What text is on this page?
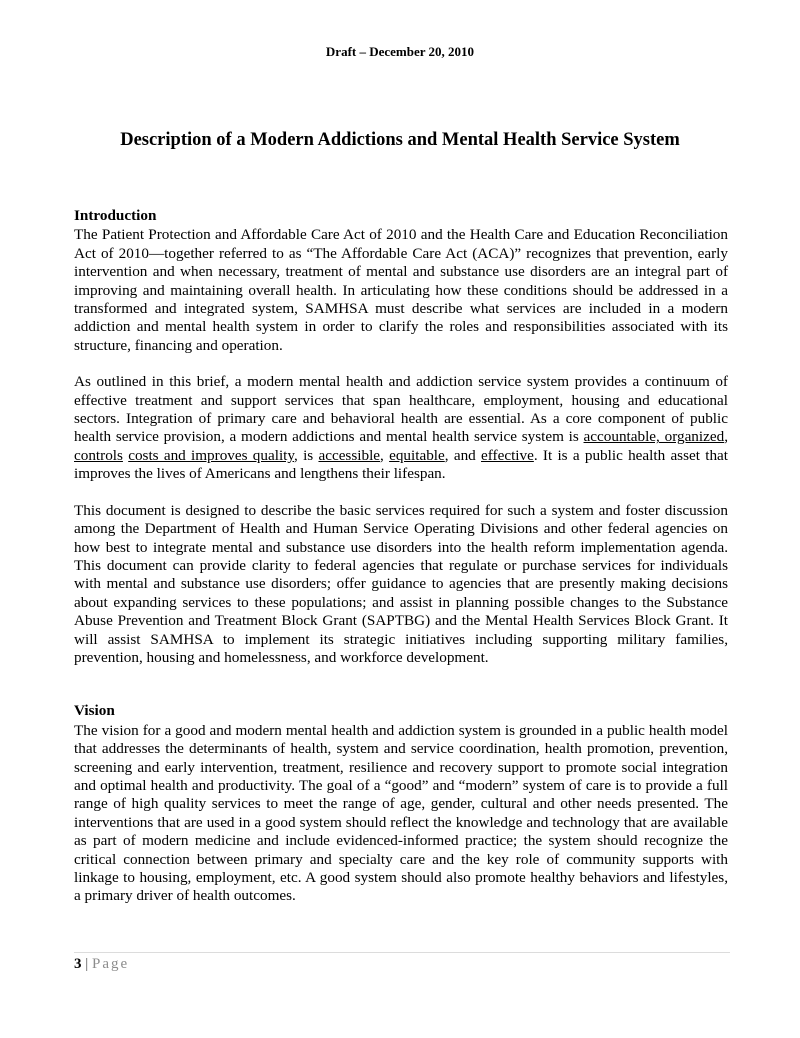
Draft – December 20, 2010
Description of a Modern Addictions and Mental Health Service System
Introduction

The Patient Protection and Affordable Care Act of 2010 and the Health Care and Education Reconciliation Act of 2010—together referred to as “The Affordable Care Act (ACA)” recognizes that prevention, early intervention and when necessary, treatment of mental and substance use disorders are an integral part of improving and maintaining overall health. In articulating how these conditions should be addressed in a transformed and integrated system, SAMHSA must describe what services are included in a modern addiction and mental health system in order to clarify the roles and responsibilities associated with its structure, financing and operation.

As outlined in this brief, a modern mental health and addiction service system provides a continuum of effective treatment and support services that span healthcare, employment, housing and educational sectors. Integration of primary care and behavioral health are essential. As a core component of public health service provision, a modern addictions and mental health service system is accountable, organized, controls costs and improves quality, is accessible, equitable, and effective. It is a public health asset that improves the lives of Americans and lengthens their lifespan.

This document is designed to describe the basic services required for such a system and foster discussion among the Department of Health and Human Service Operating Divisions and other federal agencies on how best to integrate mental and substance use disorders into the health reform implementation agenda. This document can provide clarity to federal agencies that regulate or purchase services for individuals with mental and substance use disorders; offer guidance to agencies that are presently making decisions about expanding services to these populations; and assist in planning possible changes to the Substance Abuse Prevention and Treatment Block Grant (SAPTBG) and the Mental Health Services Block Grant. It will assist SAMHSA to implement its strategic initiatives including supporting military families, prevention, housing and homelessness, and workforce development.

Vision

The vision for a good and modern mental health and addiction system is grounded in a public health model that addresses the determinants of health, system and service coordination, health promotion, prevention, screening and early intervention, treatment, resilience and recovery support to promote social integration and optimal health and productivity. The goal of a “good” and “modern” system of care is to provide a full range of high quality services to meet the range of age, gender, cultural and other needs presented. The interventions that are used in a good system should reflect the knowledge and technology that are available as part of modern medicine and include evidenced-informed practice; the system should recognize the critical connection between primary and specialty care and the key role of community supports with linkage to housing, employment, etc. A good system should also promote healthy behaviors and lifestyles, a primary driver of health outcomes.

3 | Page
